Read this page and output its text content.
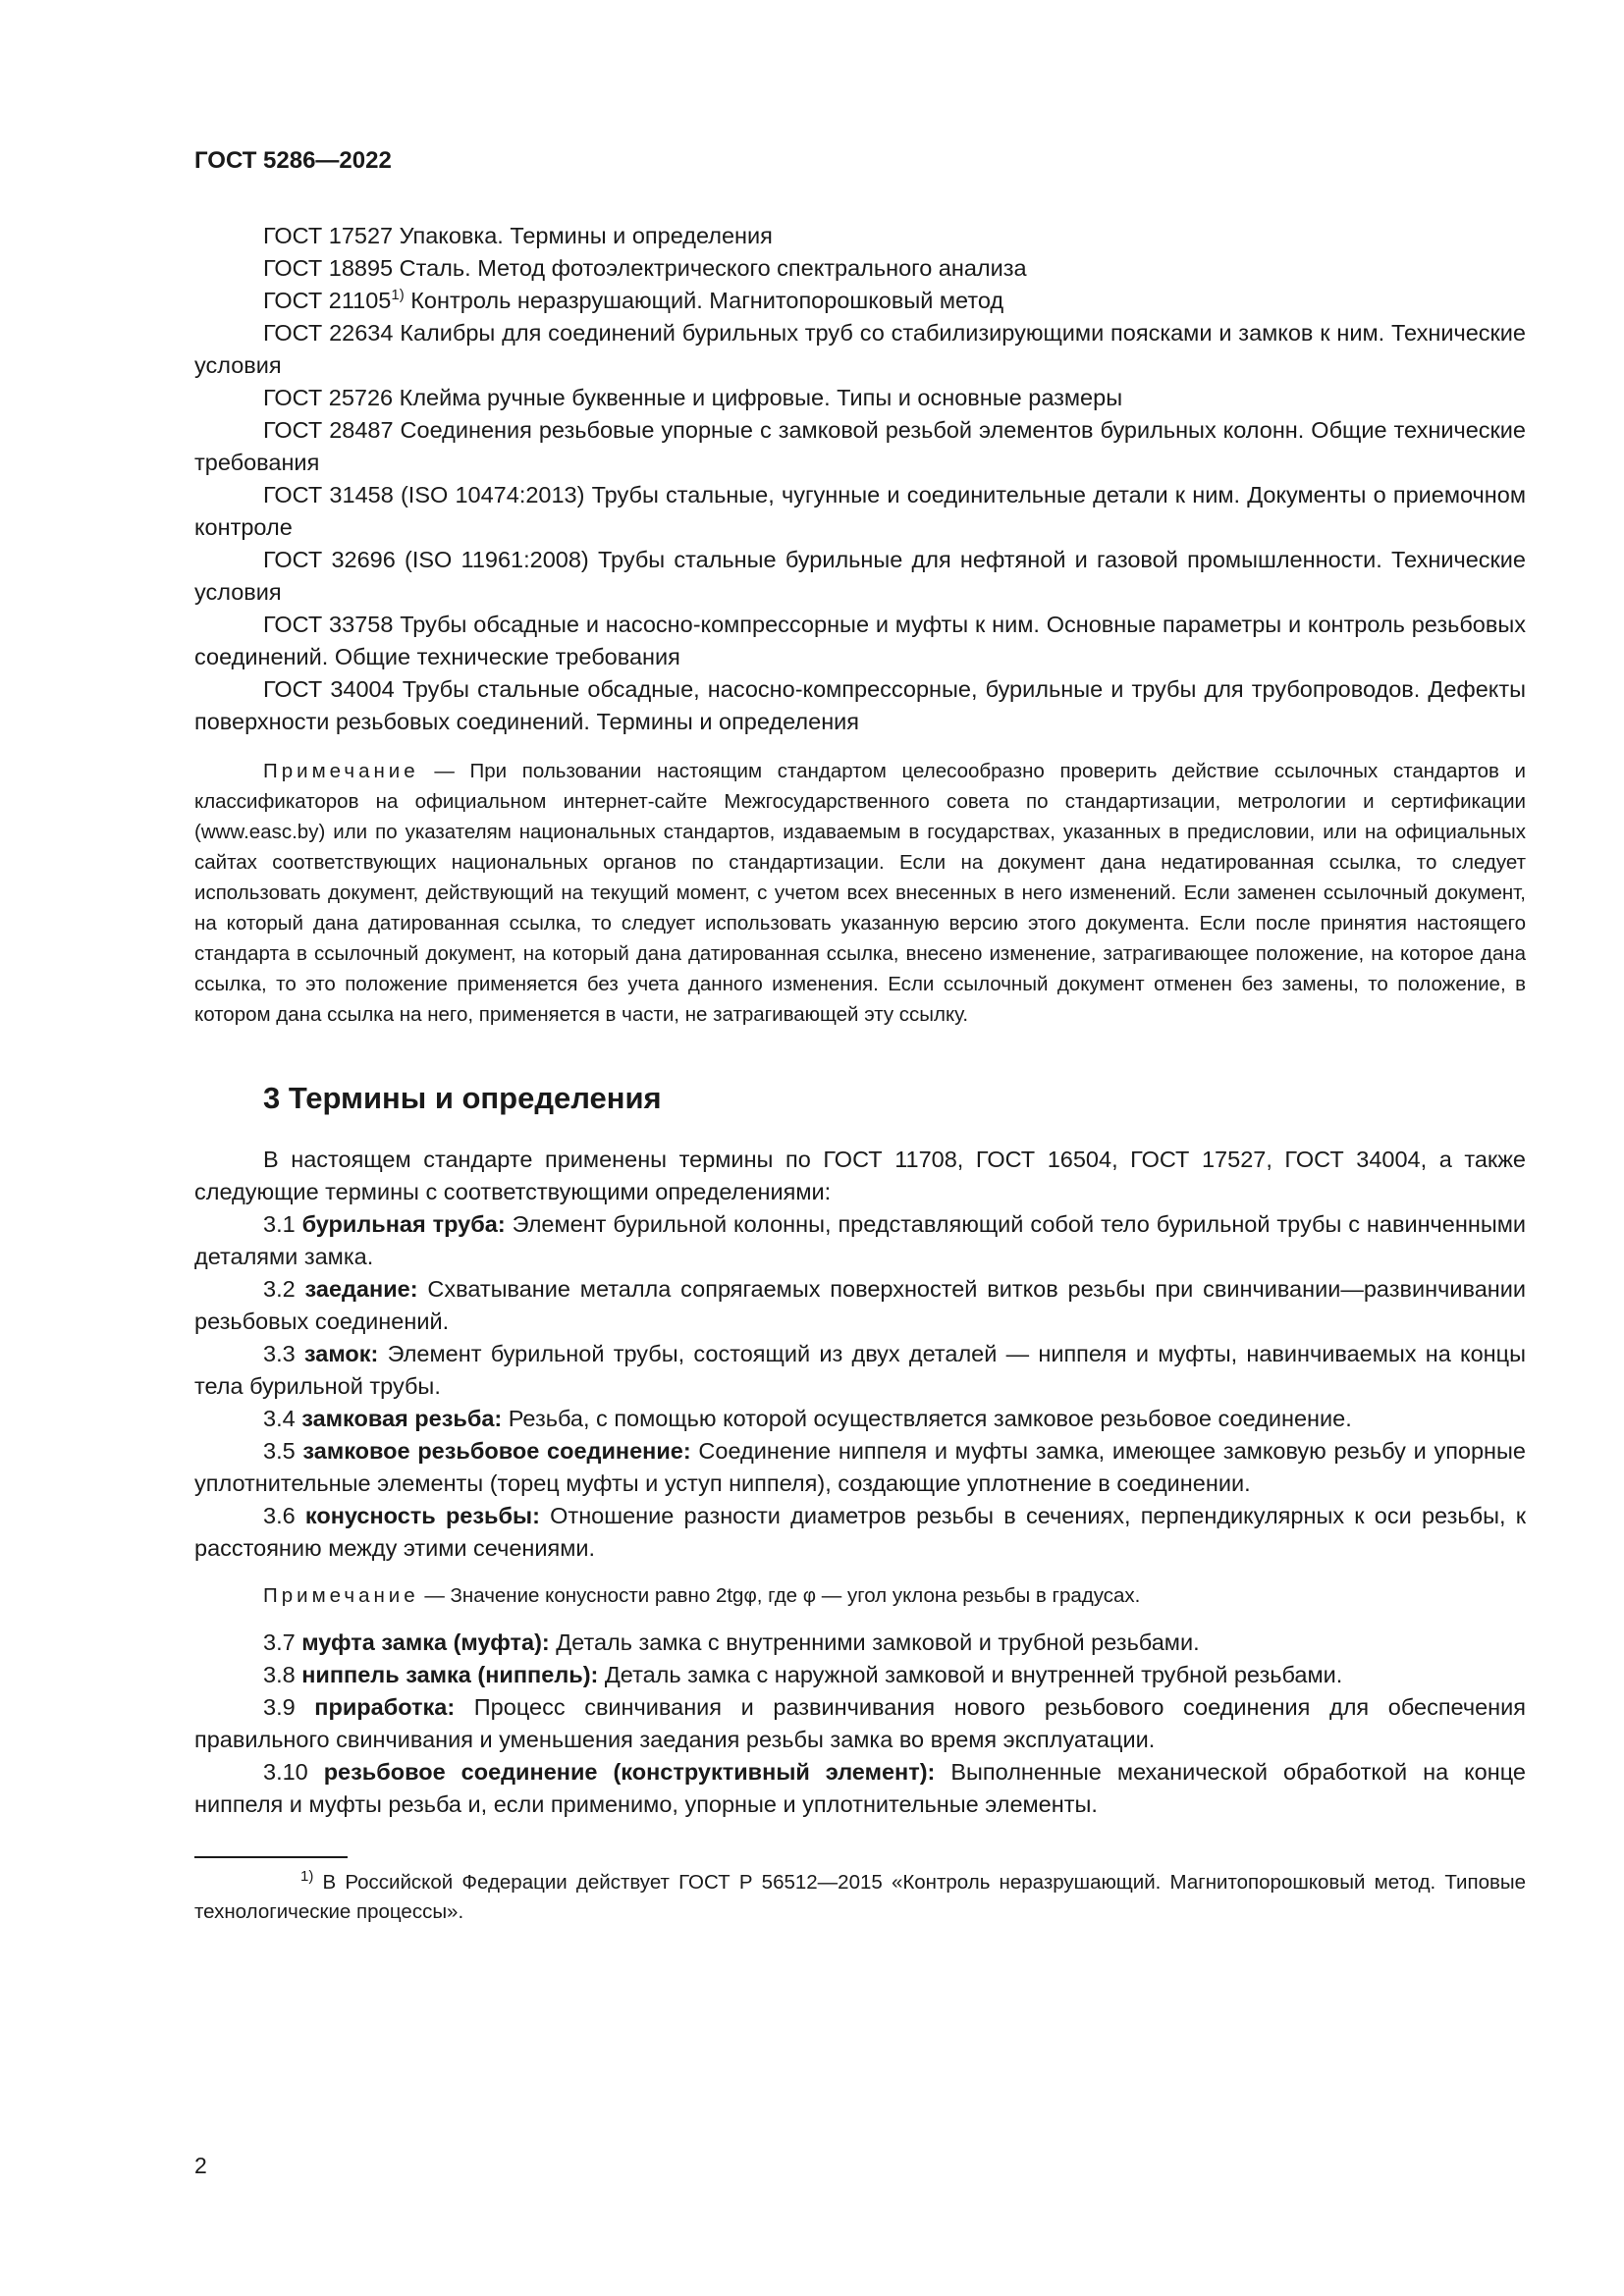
ГОСТ 5286—2022

ГОСТ 17527 Упаковка. Термины и определения

ГОСТ 18895 Сталь. Метод фотоэлектрического спектрального анализа

ГОСТ 21105$^{1)}$ Контроль неразрушающий. Магнитопорошковый метод

ГОСТ 22634 Калибры для соединений бурильных труб со стабилизирующими поясками и замков к ним. Технические условия

ГОСТ 25726 Клейма ручные буквенные и цифровые. Типы и основные размеры

ГОСТ 28487 Соединения резьбовые упорные с замковой резьбой элементов бурильных колонн. Общие технические требования

ГОСТ 31458 (ISO 10474:2013) Трубы стальные, чугунные и соединительные детали к ним. Документы о приемочном контроле

ГОСТ 32696 (ISO 11961:2008) Трубы стальные бурильные для нефтяной и газовой промышленности. Технические условия

ГОСТ 33758 Трубы обсадные и насосно-компрессорные и муфты к ним. Основные параметры и контроль резьбовых соединений. Общие технические требования

ГОСТ 34004 Трубы стальные обсадные, насосно-компрессорные, бурильные и трубы для трубопроводов. Дефекты поверхности резьбовых соединений. Термины и определения

Примечание — При пользовании настоящим стандартом целесообразно проверить действие ссылочных стандартов и классификаторов на официальном интернет-сайте Межгосударственного совета по стандартизации, метрологии и сертификации (www.easc.by) или по указателям национальных стандартов, издаваемым в государствах, указанных в предисловии, или на официальных сайтах соответствующих национальных органов по стандартизации. Если на документ дана недатированная ссылка, то следует использовать документ, действующий на текущий момент, с учетом всех внесенных в него изменений. Если заменен ссылочный документ, на который дана датированная ссылка, то следует использовать указанную версию этого документа. Если после принятия настоящего стандарта в ссылочный документ, на который дана датированная ссылка, внесено изменение, затрагивающее положение, на которое дана ссылка, то это положение применяется без учета данного изменения. Если ссылочный документ отменен без замены, то положение, в котором дана ссылка на него, применяется в части, не затрагивающей эту ссылку.

3 Термины и определения

В настоящем стандарте применены термины по ГОСТ 11708, ГОСТ 16504, ГОСТ 17527, ГОСТ 34004, а также следующие термины с соответствующими определениями:

3.1 бурильная труба: Элемент бурильной колонны, представляющий собой тело бурильной трубы с навинченными деталями замка.

3.2 заедание: Схватывание металла сопрягаемых поверхностей витков резьбы при свинчивании—развинчивании резьбовых соединений.

3.3 замок: Элемент бурильной трубы, состоящий из двух деталей — ниппеля и муфты, навинчиваемых на концы тела бурильной трубы.

3.4 замковая резьба: Резьба, с помощью которой осуществляется замковое резьбовое соединение.

3.5 замковое резьбовое соединение: Соединение ниппеля и муфты замка, имеющее замковую резьбу и упорные уплотнительные элементы (торец муфты и уступ ниппеля), создающие уплотнение в соединении.

3.6 конусность резьбы: Отношение разности диаметров резьбы в сечениях, перпендикулярных к оси резьбы, к расстоянию между этими сечениями.

Примечание — Значение конусности равно 2tgφ, где φ — угол уклона резьбы в градусах.

3.7 муфта замка (муфта): Деталь замка с внутренними замковой и трубной резьбами.

3.8 ниппель замка (ниппель): Деталь замка с наружной замковой и внутренней трубной резьбами.

3.9 приработка: Процесс свинчивания и развинчивания нового резьбового соединения для обеспечения правильного свинчивания и уменьшения заедания резьбы замка во время эксплуатации.

3.10 резьбовое соединение (конструктивный элемент): Выполненные механической обработкой на конце ниппеля и муфты резьба и, если применимо, упорные и уплотнительные элементы.

$^{1)}$ В Российской Федерации действует ГОСТ Р 56512—2015 «Контроль неразрушающий. Магнитопорошковый метод. Типовые технологические процессы».

2
